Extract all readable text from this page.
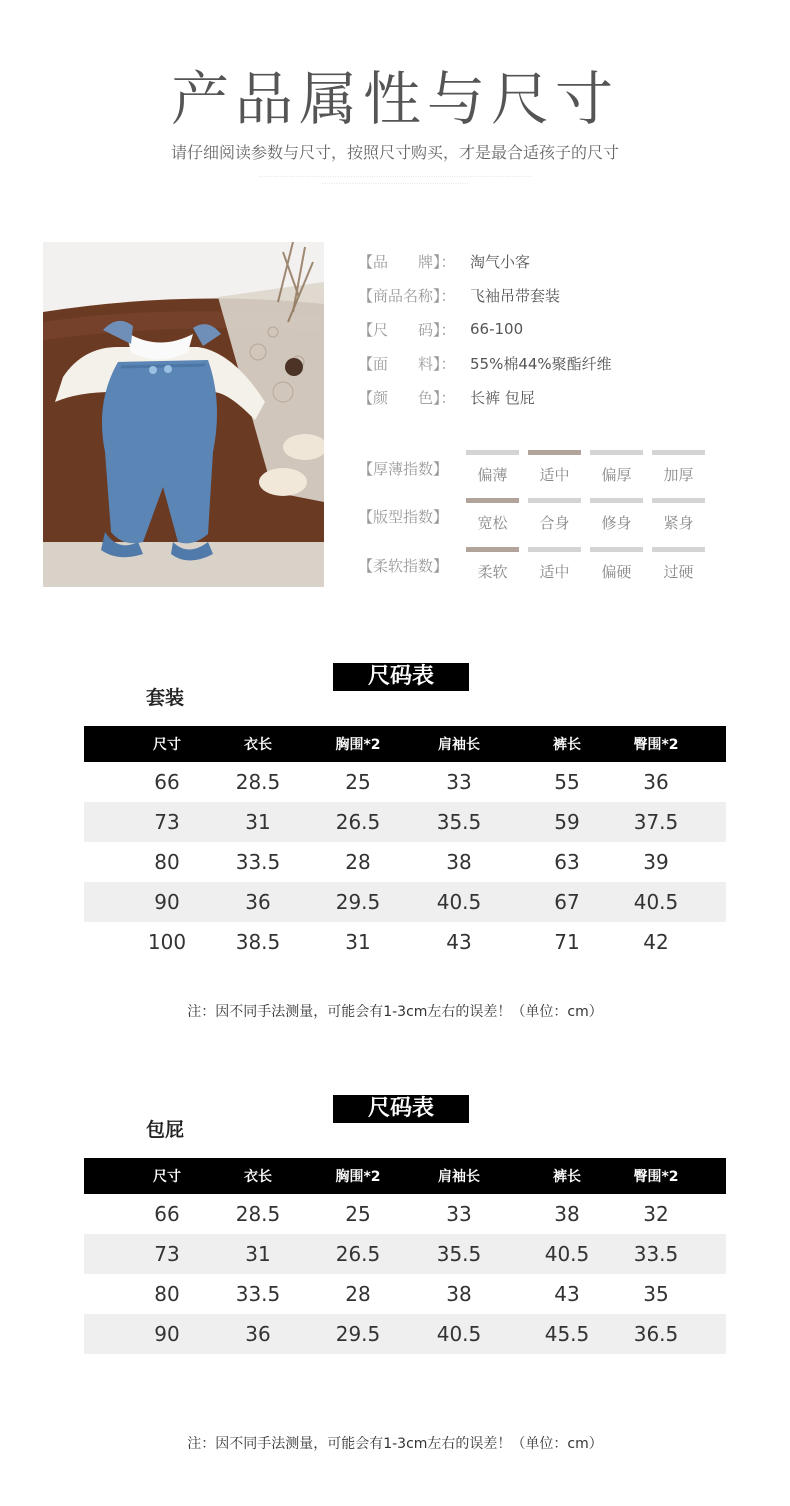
产品属性与尺寸
请仔细阅读参数与尺寸，按照尺寸购买，才是最合适孩子的尺寸
··························································································································································
···················································································
【品　　牌】： 淘气小客
【商品名称】： 飞袖吊带套装
【尺　　码】： 66-100
【面　　料】： 55%棉44%聚酯纤维
【颜　　色】： 长裤 包屁
【厚薄指数】	偏薄	适中	偏厚	加厚
【版型指数】	宽松	合身	修身	紧身
【柔软指数】	柔软	适中	偏硬	过硬
尺码表
套装
尺寸	衣长	胸围*2	肩袖长	裤长	臀围*2
66	28.5	25	33	55	36
73	31	26.5	35.5	59	37.5
80	33.5	28	38	63	39
90	36	29.5	40.5	67	40.5
100 38.5	31	43	71	42
注：因不同手法测量，可能会有1-3cm左右的误差！（单位：cm）
尺码表
包屁
尺寸	衣长	胸围*2	肩袖长	裤长	臀围*2
66	28.5	25	33	38	32
73	31	26.5	35.5	40.5 33.5
80	33.5	28	38	43	35
90	36	29.5	40.5	45.5 36.5
注：因不同手法测量，可能会有1-3cm左右的误差！（单位：cm）
